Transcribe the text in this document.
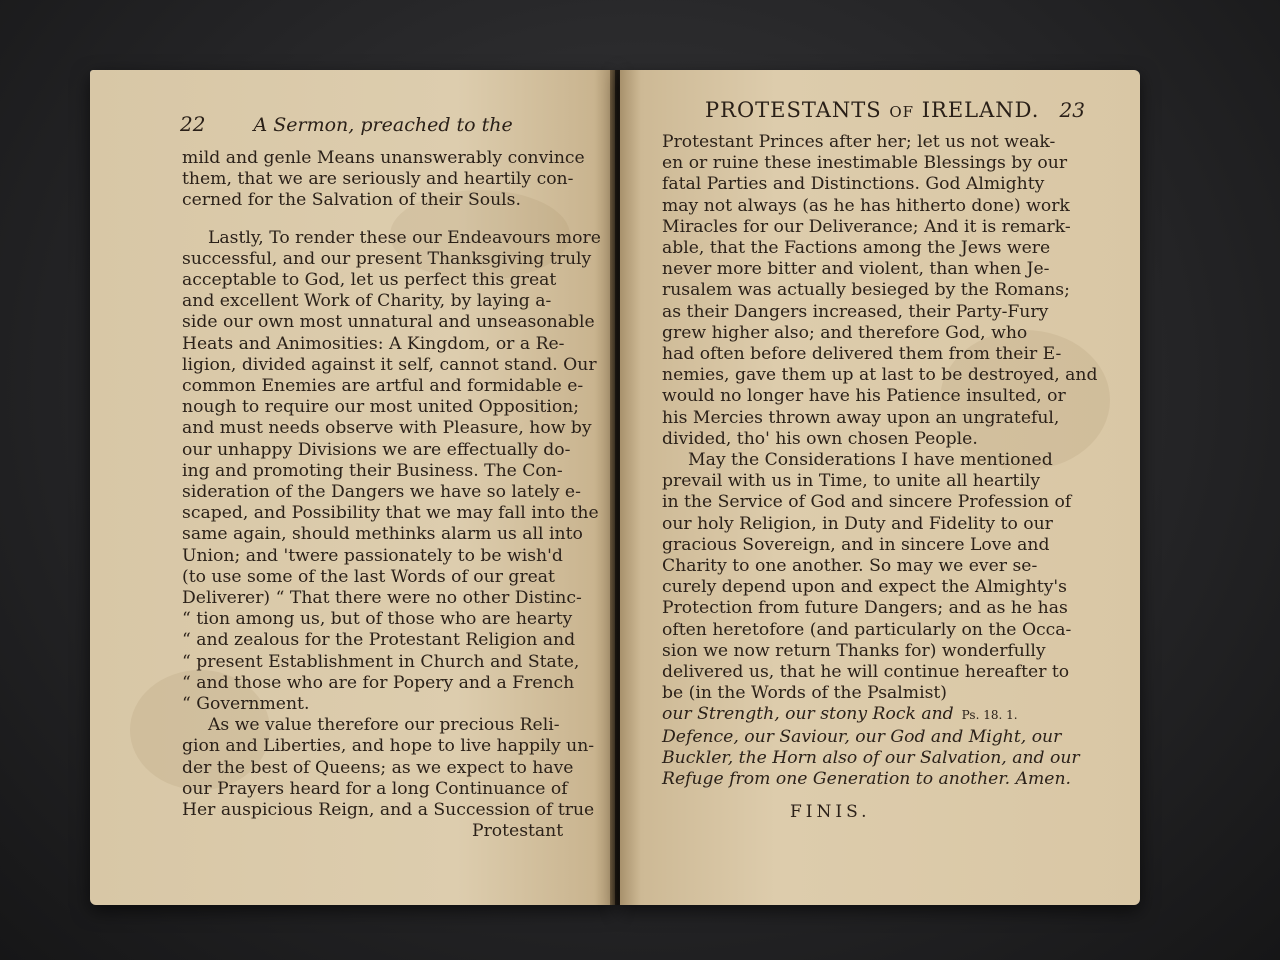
22	A Sermon, preached to the
mild and genle Means unanswerably convince
them, that we are seriously and heartily con-
cerned for the Salvation of their Souls.
Lastly, To render these our Endeavours more
successful, and our present Thanksgiving truly
acceptable to God, let us perfect this great
and excellent Work of Charity, by laying a-
side our own most unnatural and unseasonable
Heats and Animosities: A Kingdom, or a Re-
ligion, divided against it self, cannot stand. Our
common Enemies are artful and formidable e-
nough to require our most united Opposition;
and must needs observe with Pleasure, how by
our unhappy Divisions we are effectually do-
ing and promoting their Business. The Con-
sideration of the Dangers we have so lately e-
scaped, and Possibility that we may fall into the
same again, should methinks alarm us all into
Union; and 'twere passionately to be wish'd
(to use some of the last Words of our great
Deliverer) “ That there were no other Distinc-
“ tion among us, but of those who are hearty
“ and zealous for the Protestant Religion and
“ present Establishment in Church and State,
“ and those who are for Popery and a French
“ Government.
As we value therefore our precious Reli-
gion and Liberties, and hope to live happily un-
der the best of Queens; as we expect to have
our Prayers heard for a long Continuance of
Her auspicious Reign, and a Succession of true
Protestant
PROTESTANTS of IRELAND. 23
Protestant Princes after her; let us not weak-
en or ruine these inestimable Blessings by our
fatal Parties and Distinctions. God Almighty
may not always (as he has hitherto done) work
Miracles for our Deliverance; And it is remark-
able, that the Factions among the Jews were
never more bitter and violent, than when Je-
rusalem was actually besieged by the Romans;
as their Dangers increased, their Party-Fury
grew higher also; and therefore God, who
had often before delivered them from their E-
nemies, gave them up at last to be destroyed, and
would no longer have his Patience insulted, or
his Mercies thrown away upon an ungrateful,
divided, tho' his own chosen People.
May the Considerations I have mentioned
prevail with us in Time, to unite all heartily
in the Service of God and sincere Profession of
our holy Religion, in Duty and Fidelity to our
gracious Sovereign, and in sincere Love and
Charity to one another. So may we ever se-
curely depend upon and expect the Almighty's
Protection from future Dangers; and as he has
often heretofore (and particularly on the Occa-
sion we now return Thanks for) wonderfully
delivered us, that he will continue hereafter to
be (in the Words of the Psalmist)
our Strength, our stony Rock and Ps. 18. 1.
Defence, our Saviour, our God and Might, our
Buckler, the Horn also of our Salvation, and our
Refuge from one Generation to another. Amen.
FINIS.
